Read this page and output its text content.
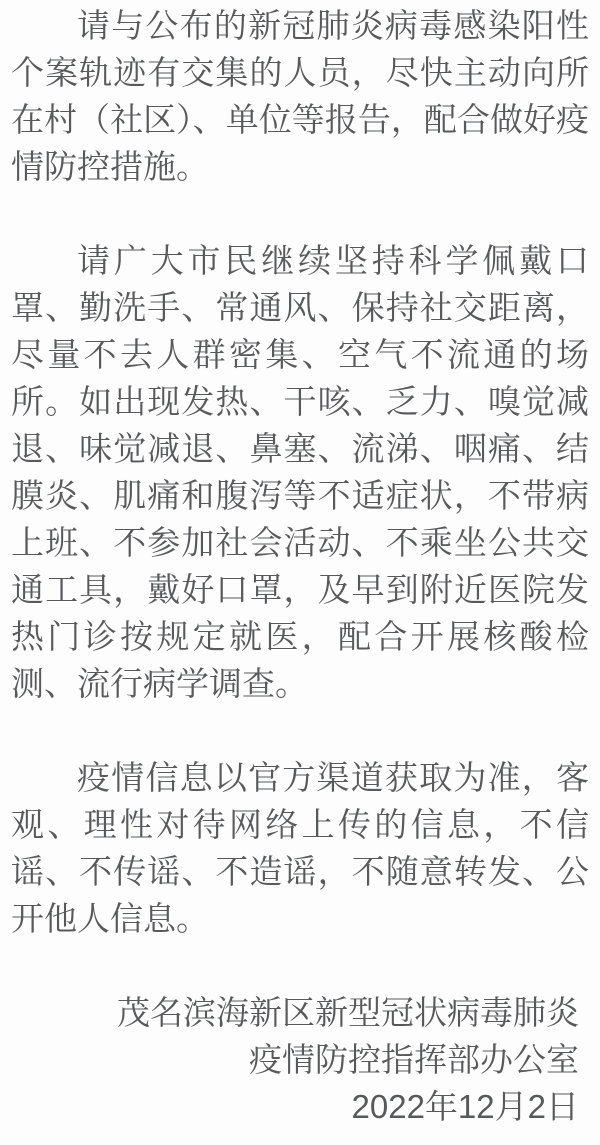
请与公布的新冠肺炎病毒感染阳性个案轨迹有交集的人员，尽快主动向所在村（社区）、单位等报告，配合做好疫情防控措施。

请广大市民继续坚持科学佩戴口罩、勤洗手、常通风、保持社交距离，尽量不去人群密集、空气不流通的场所。如出现发热、干咳、乏力、嗅觉减退、味觉减退、鼻塞、流涕、咽痛、结膜炎、肌痛和腹泻等不适症状，不带病上班、不参加社会活动、不乘坐公共交通工具，戴好口罩，及早到附近医院发热门诊按规定就医，配合开展核酸检测、流行病学调查。

疫情信息以官方渠道获取为准，客观、理性对待网络上传的信息，不信谣、不传谣、不造谣，不随意转发、公开他人信息。

茂名滨海新区新型冠状病毒肺炎
疫情防控指挥部办公室
2022年12月2日
